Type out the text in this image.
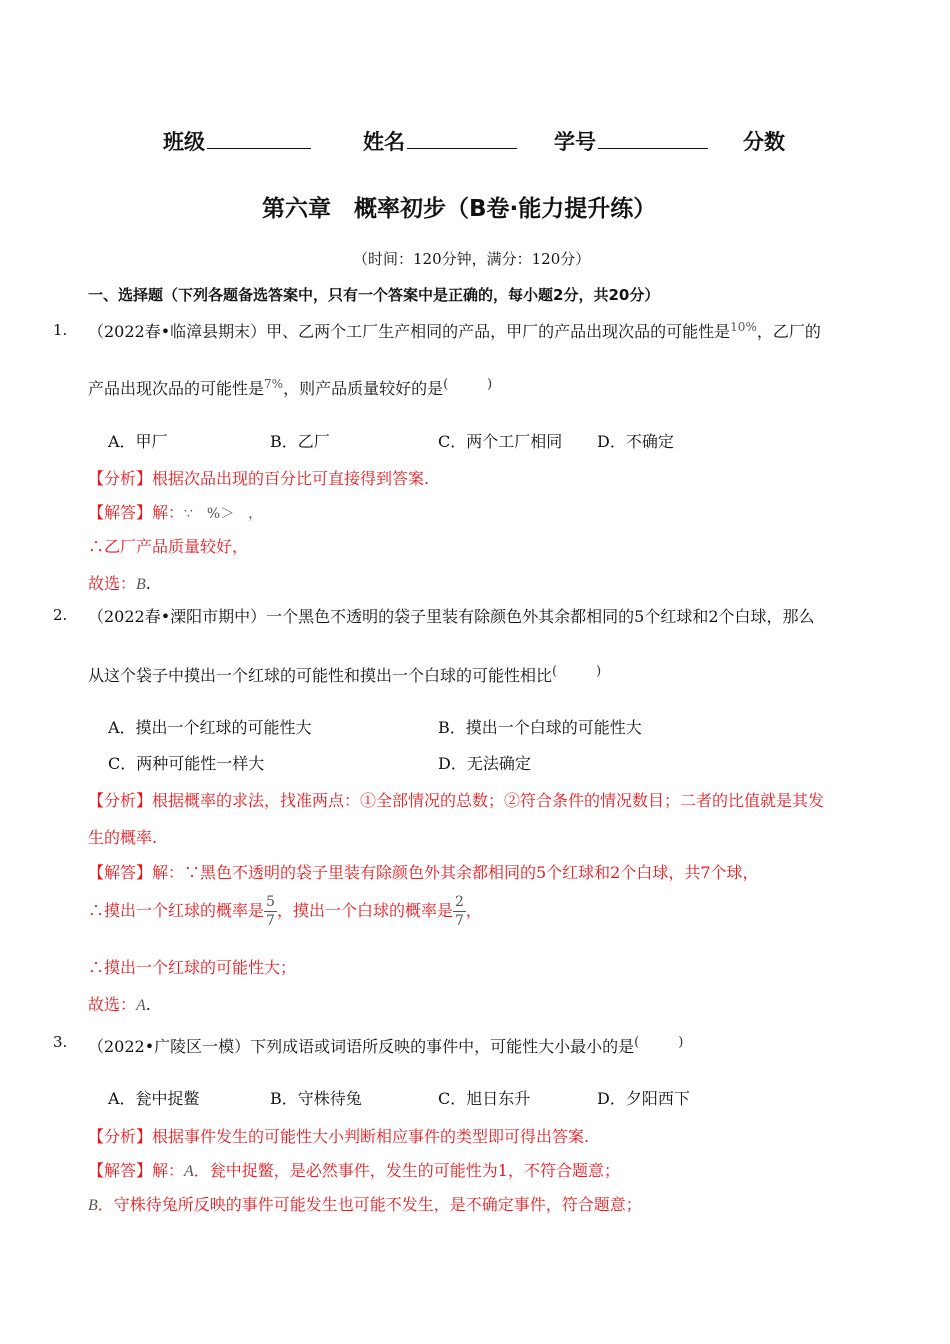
班级	姓名	学号	分数
第六章　概率初步（B卷·能力提升练）
（时间：120分钟，满分：120分）
一、选择题（下列各题备选答案中，只有一个答案中是正确的，每小题2分，共20分）
1. （2022春•临漳县期末）甲、乙两个工厂生产相同的产品，甲厂的产品出现次品的可能性是$^{10\%}$，乙厂的
产品出现次品的可能性是$^{7\%}$，则产品质量较好的是(　　　)
A．甲厂	B．乙厂	C．两个工厂相同 D．不确定
【分析】根据次品出现的百分比可直接得到答案.
【解答】解：∵　%＞　，
∴乙厂产品质量较好，
故选：B.
2. （2022春•溧阳市期中）一个黑色不透明的袋子里装有除颜色外其余都相同的5个红球和2个白球，那么
从这个袋子中摸出一个红球的可能性和摸出一个白球的可能性相比(　　　)
A．摸出一个红球的可能性大	B．摸出一个白球的可能性大
C．两种可能性一样大	D．无法确定
【分析】根据概率的求法，找准两点：①全部情况的总数；②符合条件的情况数目；二者的比值就是其发
生的概率.
【解答】解：∵黑色不透明的袋子里装有除颜色外其余都相同的5个红球和2个白球，共7个球，
∴摸出一个红球的概率是 $\frac{5}{7}$ ，摸出一个白球的概率是 $\frac{2}{7}$ ，
∴摸出一个红球的可能性大；
故选：A.
3. （2022•广陵区一模）下列成语或词语所反映的事件中，可能性大小最小的是(　　　)
A．瓮中捉鳖	B．守株待兔	C．旭日东升	D．夕阳西下
【分析】根据事件发生的可能性大小判断相应事件的类型即可得出答案.
【解答】解：A．瓮中捉鳖，是必然事件，发生的可能性为1，不符合题意；
B．守株待兔所反映的事件可能发生也可能不发生，是不确定事件，符合题意；
